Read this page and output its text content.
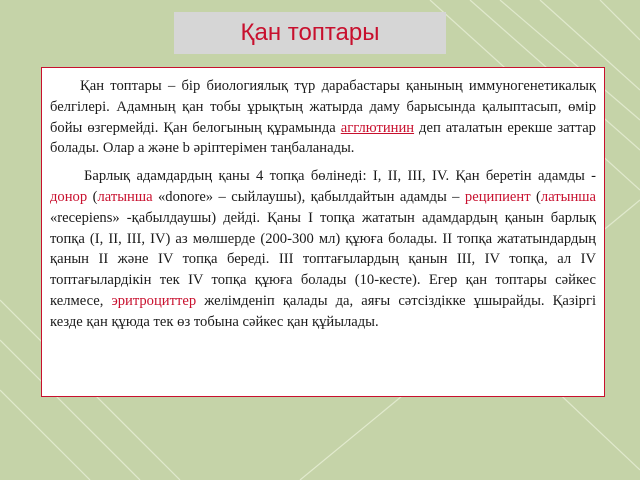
Қан топтары

Қан топтары – бір биологиялық түр дарабастары қанының иммуногенетикалық белгілері. Адамның қан тобы ұрықтың жатырда даму барысында қалыптасып, өмір бойы өзгермейді. Қан белогының құрамында агглютинин деп аталатын ерекше заттар болады. Олар а және b әріптерімен таңбаланады.

Барлық адамдардың қаны 4 топқа бөлінеді: I, II, III, IV. Қан беретін адамды - донор (латынша «donore» – сыйлаушы), қабылдайтын адамды – реципиент (латынша «recepiens» -қабылдаушы) дейді. Қаны I топқа жататын адамдардың қанын барлық топқа (I, II, III, IV) аз мөлшерде (200-300 мл) құюға болады. II топқа жататындардың қанын II және IV топқа береді. III топтағылардың қанын III, IV топқа, ал IV топтағылардікін тек IV топқа құюға болады (10-кесте). Егер қан топтары сәйкес келмесе, эритроциттер желімденіп қалады да, аяғы сәтсіздікке ұшырайды. Қазіргі кезде қан құюда тек өз тобына сәйкес қан құйылады.
